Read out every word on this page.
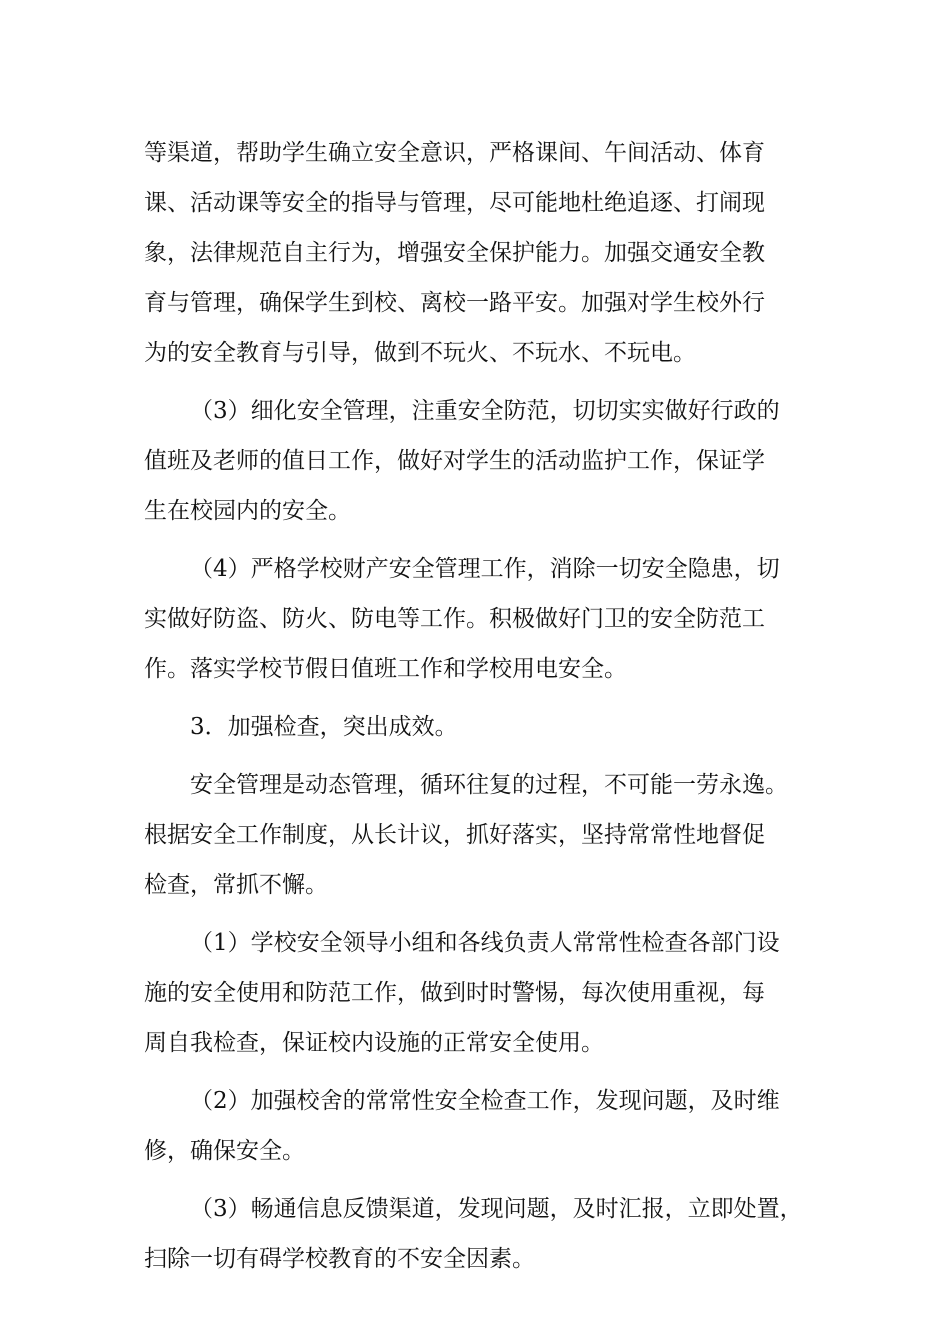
等渠道，帮助学生确立安全意识，严格课间、午间活动、体育
课、活动课等安全的指导与管理，尽可能地杜绝追逐、打闹现
象，法律规范自主行为，增强安全保护能力。加强交通安全教
育与管理，确保学生到校、离校一路平安。加强对学生校外行
为的安全教育与引导，做到不玩火、不玩水、不玩电。
（3）细化安全管理，注重安全防范，切切实实做好行政的
值班及老师的值日工作，做好对学生的活动监护工作，保证学
生在校园内的安全。
（4）严格学校财产安全管理工作，消除一切安全隐患，切
实做好防盗、防火、防电等工作。积极做好门卫的安全防范工
作。落实学校节假日值班工作和学校用电安全。
3．加强检查，突出成效。
安全管理是动态管理，循环往复的过程，不可能一劳永逸。
根据安全工作制度，从长计议，抓好落实，坚持常常性地督促
检查，常抓不懈。
（1）学校安全领导小组和各线负责人常常性检查各部门设
施的安全使用和防范工作，做到时时警惕，每次使用重视，每
周自我检查，保证校内设施的正常安全使用。
（2）加强校舍的常常性安全检查工作，发现问题，及时维
修，确保安全。
（3）畅通信息反馈渠道，发现问题，及时汇报，立即处置，
扫除一切有碍学校教育的不安全因素。
